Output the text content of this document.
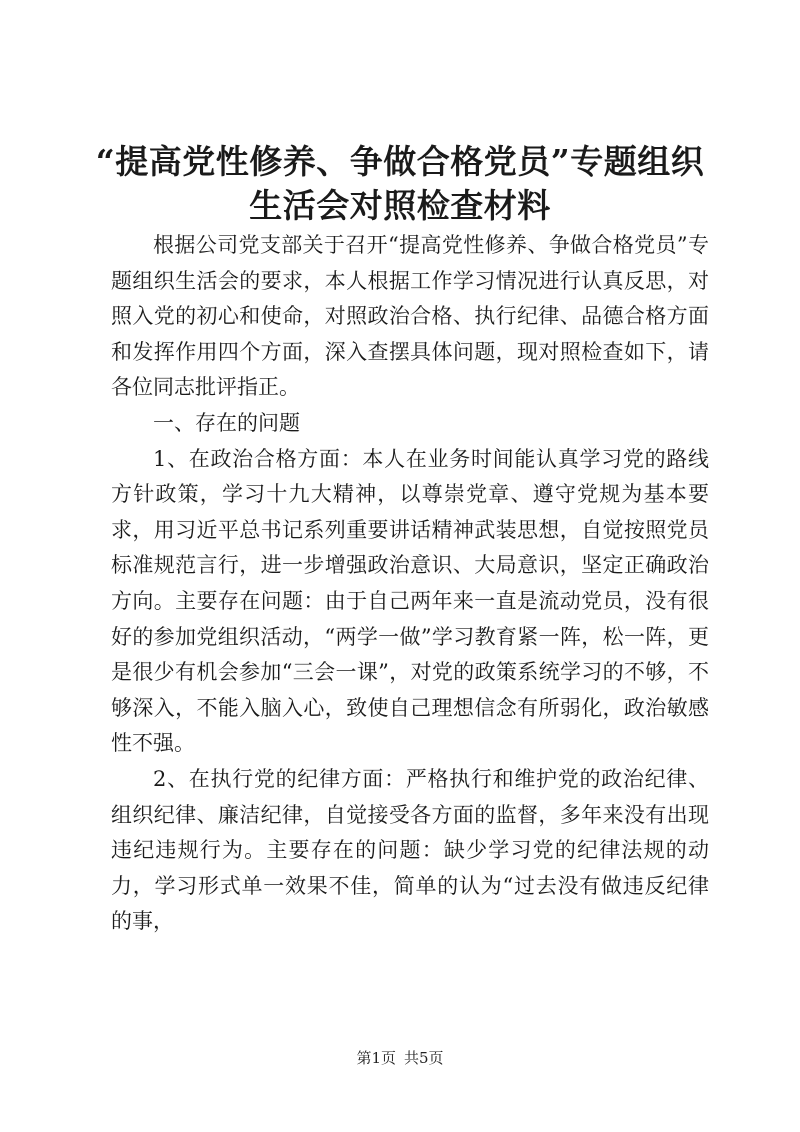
“提高党性修养、争做合格党员”专题组织生活会对照检查材料

根据公司党支部关于召开“提高党性修养、争做合格党员”专题组织生活会的要求，本人根据工作学习情况进行认真反思，对照入党的初心和使命，对照政治合格、执行纪律、品德合格方面和发挥作用四个方面，深入查摆具体问题，现对照检查如下，请各位同志批评指正。

一、存在的问题

1、在政治合格方面：本人在业务时间能认真学习党的路线方针政策，学习十九大精神，以尊崇党章、遵守党规为基本要求，用习近平总书记系列重要讲话精神武装思想，自觉按照党员标准规范言行，进一步增强政治意识、大局意识，坚定正确政治方向。主要存在问题：由于自己两年来一直是流动党员，没有很好的参加党组织活动，“两学一做”学习教育紧一阵，松一阵，更是很少有机会参加“三会一课”，对党的政策系统学习的不够，不够深入，不能入脑入心，致使自己理想信念有所弱化，政治敏感性不强。

2、在执行党的纪律方面：严格执行和维护党的政治纪律、组织纪律、廉洁纪律，自觉接受各方面的监督，多年来没有出现违纪违规行为。主要存在的问题：缺少学习党的纪律法规的动力，学习形式单一效果不佳，简单的认为“过去没有做违反纪律的事，

第1页 共5页
